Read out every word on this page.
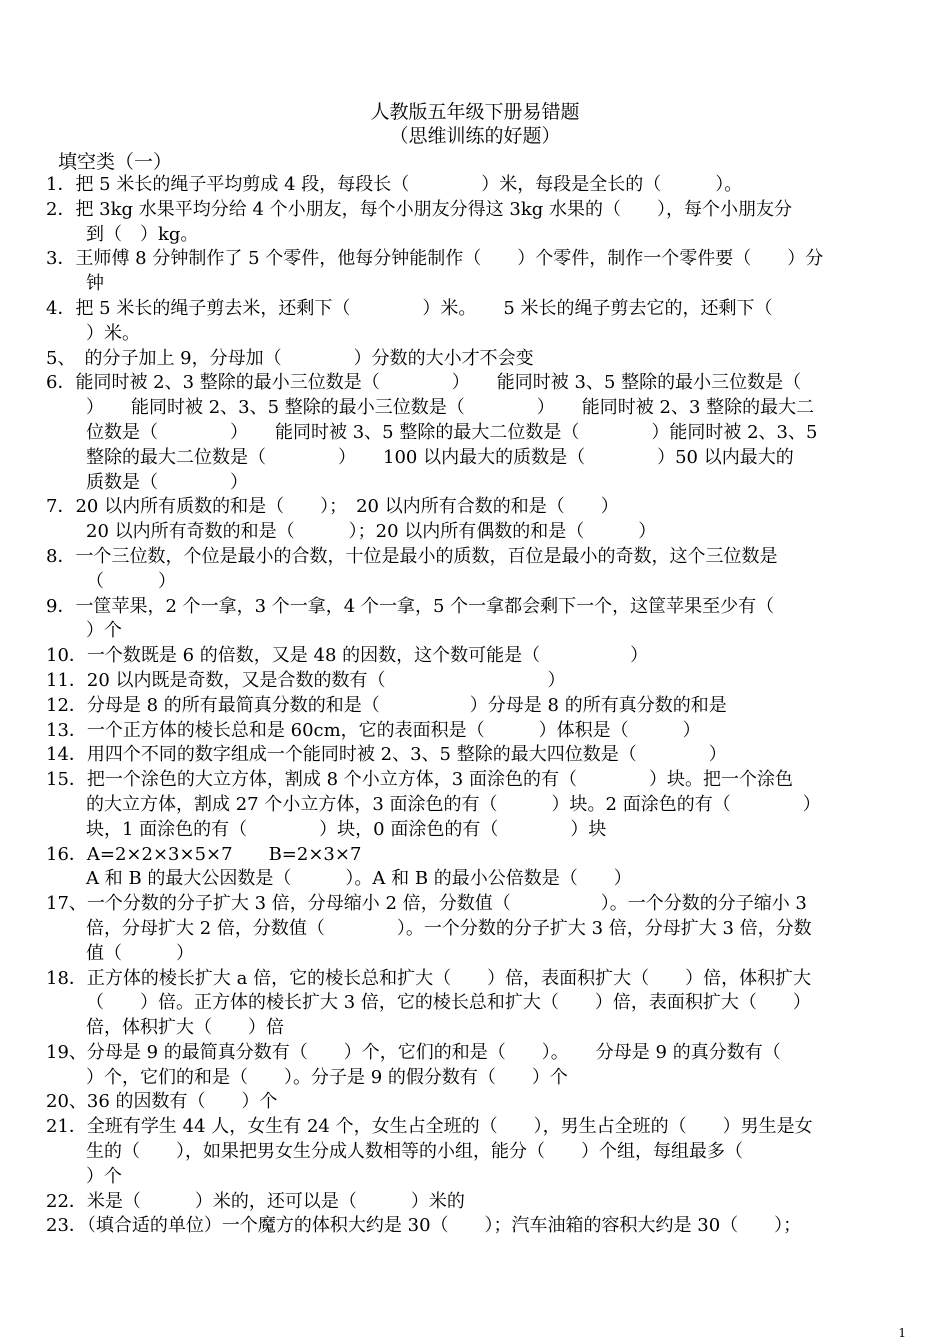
人教版五年级下册易错题
（思维训练的好题）
填空类（一）
1．把 5 米长的绳子平均剪成 4 段，每段长（　　　　）米，每段是全长的（　　　）。
2．把 3kg 水果平均分给 4 个小朋友，每个小朋友分得这 3kg 水果的（　　），每个小朋友分
到（　）kg。
3．王师傅 8 分钟制作了 5 个零件，他每分钟能制作（　　）个零件，制作一个零件要（　　）分
钟
4．把 5 米长的绳子剪去米，还剩下（　　　　）米。　　5 米长的绳子剪去它的，还剩下（
）米。
5、　的分子加上 9，分母加（　　　　）分数的大小才不会变
6．能同时被 2、3 整除的最小三位数是（　　　　）　　能同时被 3、5 整除的最小三位数是（
）　　能同时被 2、3、5 整除的最小三位数是（　　　　）　　能同时被 2、3 整除的最大二
位数是（　　　　）　　能同时被 3、5 整除的最大二位数是（　　　　）能同时被 2、3、5
整除的最大二位数是（　　　　）　　100 以内最大的质数是（　　　　）50 以内最大的
质数是（　　　　）
7．20 以内所有质数的和是（　　）；　20 以内所有合数的和是（　　）
20 以内所有奇数的和是（　　　）；20 以内所有偶数的和是（　　　）
8．一个三位数，个位是最小的合数，十位是最小的质数，百位是最小的奇数，这个三位数是
（　　　）
9．一筐苹果，2 个一拿，3 个一拿，4 个一拿，5 个一拿都会剩下一个，这筐苹果至少有（
）个
10．一个数既是 6 的倍数，又是 48 的因数，这个数可能是（　　　　　）
11．20 以内既是奇数，又是合数的数有（　　　　　　　　　）
12．分母是 8 的所有最简真分数的和是（　　　　　）分母是 8 的所有真分数的和是
13．一个正方体的棱长总和是 60cm，它的表面积是（　　　）体积是（　　　）
14．用四个不同的数字组成一个能同时被 2、3、5 整除的最大四位数是（　　　　）
15．把一个涂色的大立方体，割成 8 个小立方体，3 面涂色的有（　　　　）块。把一个涂色
的大立方体，割成 27 个小立方体，3 面涂色的有（　　　）块。2 面涂色的有（　　　　）
块，1 面涂色的有（　　　　）块，0 面涂色的有（　　　　）块
16．A=2×2×3×5×7　　B=2×3×7
A 和 B 的最大公因数是（　　　）。A 和 B 的最小公倍数是（　　）
17、一个分数的分子扩大 3 倍，分母缩小 2 倍，分数值（　　　　　）。一个分数的分子缩小 3
倍，分母扩大 2 倍，分数值（　　　　）。一个分数的分子扩大 3 倍，分母扩大 3 倍，分数
值（　　　）
18．正方体的棱长扩大 a 倍，它的棱长总和扩大（　　）倍，表面积扩大（　　）倍，体积扩大
（　　）倍。正方体的棱长扩大 3 倍，它的棱长总和扩大（　　）倍，表面积扩大（　　）
倍，体积扩大（　　）倍
19、分母是 9 的最简真分数有（　　）个，它们的和是（　　）。　　分母是 9 的真分数有（
）个，它们的和是（　　）。分子是 9 的假分数有（　　）个
20、36 的因数有（　　）个
21．全班有学生 44 人，女生有 24 个，女生占全班的（　　），男生占全班的（　　）男生是女
生的（　　），如果把男女生分成人数相等的小组，能分（　　）个组，每组最多（
）个
22．米是（　　　）米的，还可以是（　　　）米的
23．（填合适的单位）一个魔方的体积大约是 30（　　）；汽车油箱的容积大约是 30（　　）；
1
